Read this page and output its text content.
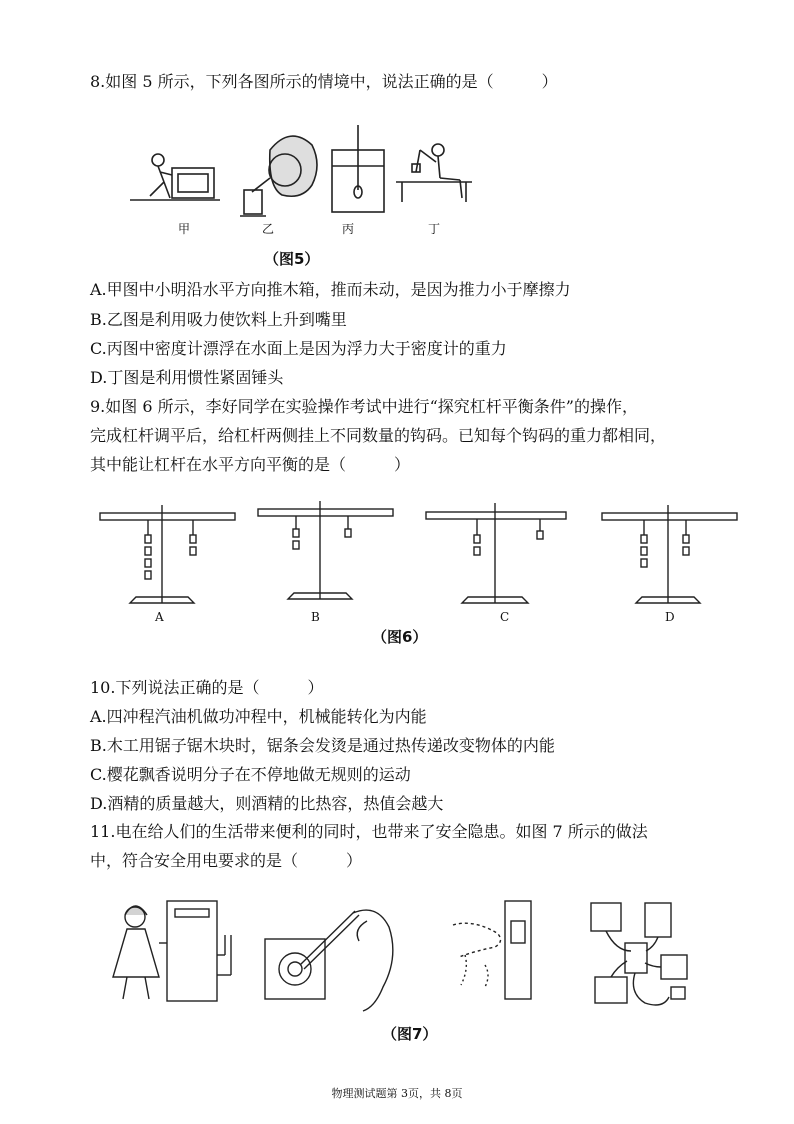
8.如图 5 所示，下列各图所示的情境中，说法正确的是（　　　）
甲	乙	丙	丁
（图5）
A.甲图中小明沿水平方向推木箱，推而未动，是因为推力小于摩擦力
B.乙图是利用吸力使饮料上升到嘴里
C.丙图中密度计漂浮在水面上是因为浮力大于密度计的重力
D.丁图是利用惯性紧固锤头
9.如图 6 所示，李好同学在实验操作考试中进行“探究杠杆平衡条件”的操作，
完成杠杆调平后，给杠杆两侧挂上不同数量的钩码。已知每个钩码的重力都相同，
其中能让杠杆在水平方向平衡的是（　　　）
A	B	C	D
（图6）
10.下列说法正确的是（　　　）
A.四冲程汽油机做功冲程中，机械能转化为内能
B.木工用锯子锯木块时，锯条会发烫是通过热传递改变物体的内能
C.樱花飘香说明分子在不停地做无规则的运动
D.酒精的质量越大，则酒精的比热容，热值会越大
11.电在给人们的生活带来便利的同时，也带来了安全隐患。如图 7 所示的做法
中，符合安全用电要求的是（　　　）
（图7）
物理测试题第 3页，共 8页
